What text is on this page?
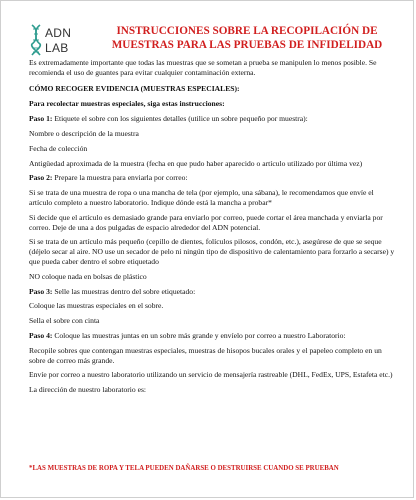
ADN
LAB
INSTRUCCIONES SOBRE LA RECOPILACIÓN DE
MUESTRAS PARA LAS PRUEBAS DE INFIDELIDAD

Es extremadamente importante que todas las muestras que se sometan a prueba se manipulen lo menos posible. Se recomienda el uso de guantes para evitar cualquier contaminación externa.

CÓMO RECOGER EVIDENCIA (MUESTRAS ESPECIALES):

Para recolectar muestras especiales, siga estas instrucciones:

Paso 1: Etiquete el sobre con los siguientes detalles (utilice un sobre pequeño por muestra):

Nombre o descripción de la muestra

Fecha de colección

Antigüedad aproximada de la muestra (fecha en que pudo haber aparecido o artículo utilizado por última vez)

Paso 2: Prepare la muestra para enviarla por correo:

Si se trata de una muestra de ropa o una mancha de tela (por ejemplo, una sábana), le recomendamos que envíe el artículo completo a nuestro laboratorio. Indique dónde está la mancha a probar*

Si decide que el artículo es demasiado grande para enviarlo por correo, puede cortar el área manchada y enviarla por correo. Deje de una a dos pulgadas de espacio alrededor del ADN potencial.

Si se trata de un artículo más pequeño (cepillo de dientes, folículos pilosos, condón, etc.), asegúrese de que se seque (déjelo secar al aire. NO use un secador de pelo ni ningún tipo de dispositivo de calentamiento para forzarlo a secarse) y que pueda caber dentro el sobre etiquetado

NO coloque nada en bolsas de plástico

Paso 3: Selle las muestras dentro del sobre etiquetado:

Coloque las muestras especiales en el sobre.

Sella el sobre con cinta

Paso 4: Coloque las muestras juntas en un sobre más grande y envíelo por correo a nuestro Laboratorio:

Recopile sobres que contengan muestras especiales, muestras de hisopos bucales orales y el papeleo completo en un sobre de correo más grande.

Envíe por correo a nuestro laboratorio utilizando un servicio de mensajería rastreable (DHL, FedEx, UPS, Estafeta etc.)

La dirección de nuestro laboratorio es:

*LAS MUESTRAS DE ROPA Y TELA PUEDEN DAÑARSE O DESTRUIRSE CUANDO SE PRUEBAN
